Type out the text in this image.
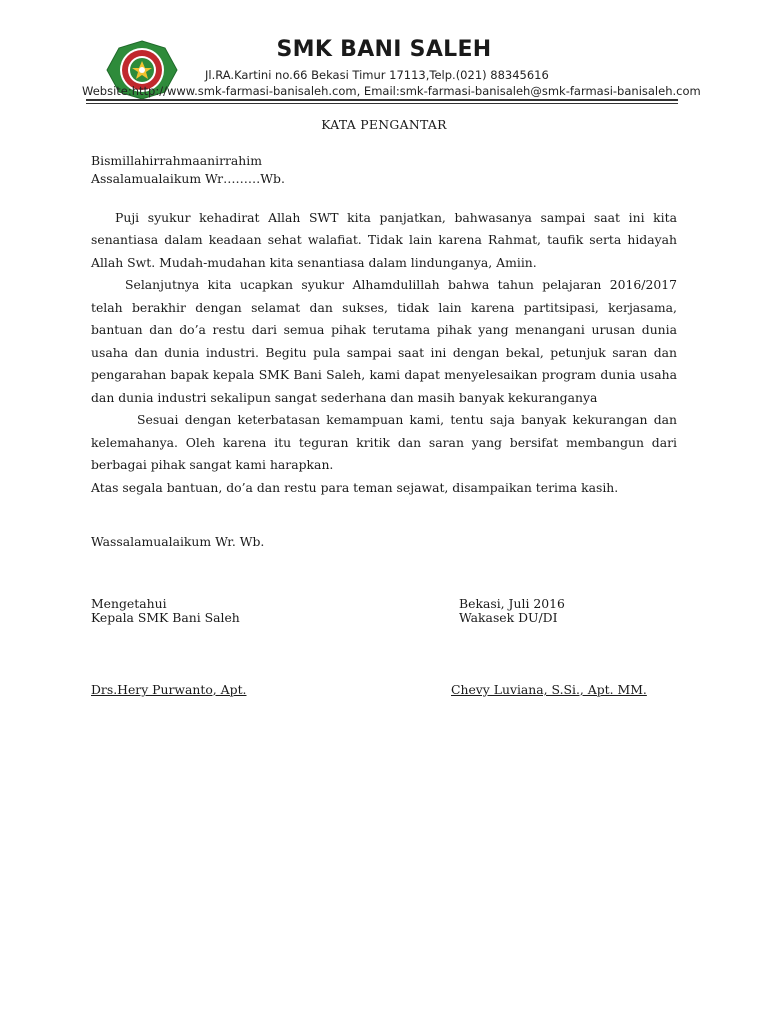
SMK BANI SALEH
Jl.RA.Kartini no.66 Bekasi Timur 17113,Telp.(021) 88345616
Website:http://www.smk-farmasi-banisaleh.com, Email:smk-farmasi-banisaleh@smk-farmasi-banisaleh.com
KATA PENGANTAR

Bismillahirrahmaanirrahim

Assalamualaikum Wr………Wb.

Puji syukur kehadirat Allah SWT kita panjatkan, bahwasanya sampai saat ini kita senantiasa dalam keadaan sehat walafiat. Tidak lain karena Rahmat, taufik serta hidayah Allah Swt. Mudah-mudahan kita senantiasa dalam lindunganya, Amiin.

Selanjutnya kita ucapkan syukur Alhamdulillah bahwa tahun pelajaran 2016/2017 telah berakhir dengan selamat dan sukses, tidak lain karena partitsipasi, kerjasama, bantuan dan do’a restu dari semua pihak terutama pihak yang menangani urusan dunia usaha dan dunia industri. Begitu pula sampai saat ini dengan bekal, petunjuk saran dan pengarahan bapak kepala SMK Bani Saleh, kami dapat menyelesaikan program dunia usaha dan dunia industri sekalipun sangat sederhana dan masih banyak kekuranganya

Sesuai dengan keterbatasan kemampuan kami, tentu saja banyak kekurangan dan kelemahanya. Oleh karena itu teguran kritik dan saran yang bersifat membangun dari berbagai pihak sangat kami harapkan.

Atas segala bantuan, do’a dan restu para teman sejawat, disampaikan terima kasih.

Wassalamualaikum Wr. Wb.

Mengetahui

Kepala SMK Bani Saleh

Bekasi, Juli 2016

Wakasek DU/DI

Drs.Hery Purwanto, Apt.	Chevy Luviana, S.Si., Apt. MM.
